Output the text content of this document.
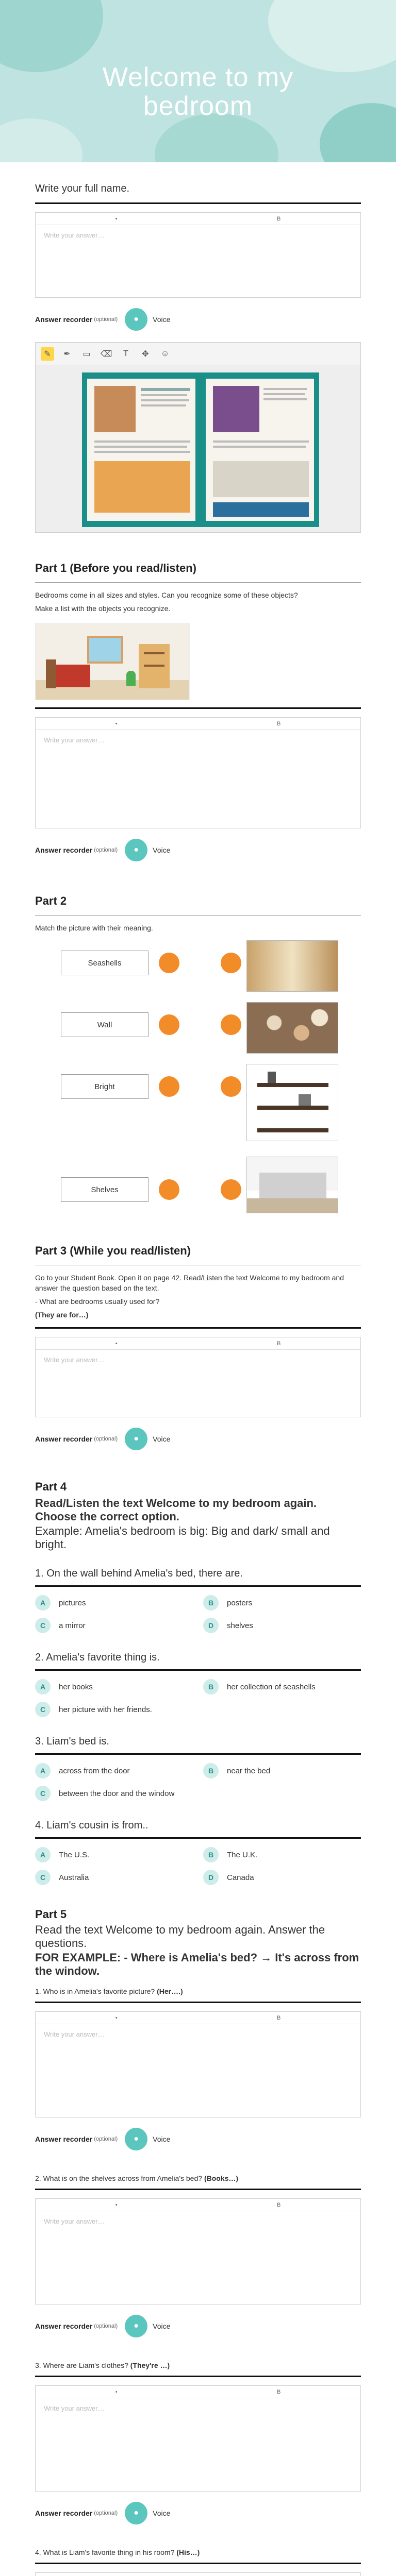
Welcome to my
bedroom
Write your full name.
•	B
Write your answer…
Answer recorder (optional)	●	Voice
✎	✒	▭	⌫	T	✥	☺
Part 1 (Before you read/listen)
Bedrooms come in all sizes and styles. Can you recognize some of these objects?
Make a list with the objects you recognize.
•	B
Write your answer…
Answer recorder (optional)	●	Voice
Part 2
Match the picture with their meaning.
Seashells
Wall
Bright
Shelves
Part 3 (While you read/listen)
Go to your Student Book. Open it on page 42. Read/Listen the text Welcome to my bedroom and answer the question based on the text.
- What are bedrooms usually used for?
(They are for…)
•	B
Write your answer…
Answer recorder (optional)	●	Voice
Part 4
Read/Listen the text Welcome to my bedroom again. Choose the correct option.
Example: Amelia's bedroom is big: Big and dark/ small and bright.
1. On the wall behind Amelia's bed, there are.
A	pictures	B	posters
C	a mirror	D	shelves
2. Amelia's favorite thing is.
A	her books	B	her collection of seashells
C	her picture with her friends.
3. Liam's bed is.
A	across from the door	B	near the bed
C	between the door and the window
4. Liam's cousin is from..
A	The U.S.	B	The U.K.
C	Australia	D	Canada
Part 5
Read the text Welcome to my bedroom again. Answer the questions.
FOR EXAMPLE: - Where is Amelia's bed? → It's across from the window.
1. Who is in Amelia's favorite picture? (Her….)
•	B
Write your answer…
Answer recorder (optional)	●	Voice
2. What is on the shelves across from Amelia's bed? (Books…)
•	B
Write your answer…
Answer recorder (optional)	●	Voice
3. Where are Liam's clothes? (They're …)
•	B
Write your answer…
Answer recorder (optional)	●	Voice
4. What is Liam's favorite thing in his room? (His…)
